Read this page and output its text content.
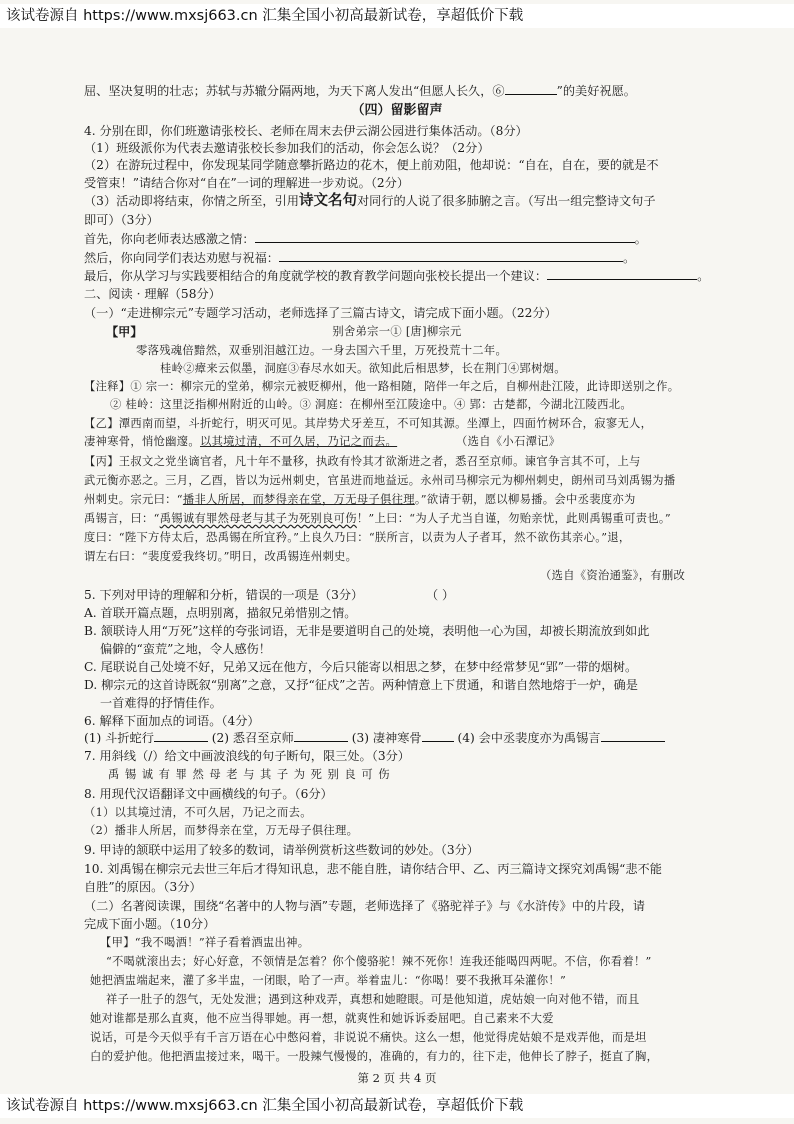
该试卷源自 https://www.mxsj663.cn 汇集全国小初高最新试卷，享超低价下载
屈、坚决复明的壮志；苏轼与苏辙分隔两地，为天下离人发出“但愿人长久，⑥	”的美好祝愿。
（四）留影留声
4. 分别在即，你们班邀请张校长、老师在周末去伊云湖公园进行集体活动。（8分）
（1）班级派你为代表去邀请张校长参加我们的活动，你会怎么说？（2分）
（2）在游玩过程中，你发现某同学随意攀折路边的花木，便上前劝阻，他却说：“自在，自在，要的就是不
受管束！”请结合你对“自在”一词的理解进一步劝说。（2分）
（3）活动即将结束，你情之所至，引用诗文名句对同行的人说了很多肺腑之言。（写出一组完整诗文句子
即可）（3分）
首先，你向老师表达感激之情：	。
然后，你向同学们表达劝慰与祝福：	。
最后，你从学习与实践要相结合的角度就学校的教育教学问题向张校长提出一个建议：	。
二、阅读 · 理解（58分）
（一）“走进柳宗元”专题学习活动，老师选择了三篇古诗文，请完成下面小题。（22分）
【甲】	别舍弟宗一① [唐]柳宗元
零落残魂倍黯然，双垂别泪越江边。一身去国六千里，万死投荒十二年。
桂岭②瘴来云似墨，洞庭③春尽水如天。欲知此后相思梦，长在荆门④郢树烟。
【注释】① 宗一：柳宗元的堂弟，柳宗元被贬柳州，他一路相随，陪伴一年之后，自柳州赴江陵，此诗即送别之作。
② 桂岭：这里泛指柳州附近的山岭。③ 洞庭：在柳州至江陵途中。④ 郢：古楚都，今湖北江陵西北。
【乙】潭西南而望，斗折蛇行，明灭可见。其岸势犬牙差互，不可知其源。坐潭上，四面竹树环合，寂寥无人，
凄神寒骨，悄怆幽邃。以其境过清，不可久居，乃记之而去。	（选自《小石潭记》
【丙】王叔文之党坐谪官者，凡十年不量移，执政有怜其才欲渐进之者，悉召至京师。谏官争言其不可，上与
武元衡亦恶之。三月，乙酉，皆以为远州刺史，官虽进而地益远。永州司马柳宗元为柳州刺史，朗州司马刘禹锡为播
州刺史。宗元曰：“播非人所居，而梦得亲在堂，万无母子俱往理。”欲请于朝，愿以柳易播。会中丞裴度亦为
禹锡言，曰：“禹锡诚有罪然母老与其子为死别良可伤！”上曰：“为人子尤当自谨，勿贻亲忧，此则禹锡重可责也。”
度曰：“陛下方侍太后，恐禹锡在所宜矜。”上良久乃曰：“朕所言，以责为人子者耳，然不欲伤其亲心。”退，
谓左右曰：“裴度爱我终切。”明日，改禹锡连州刺史。
（选自《资治通鉴》，有删改
5. 下列对甲诗的理解和分析，错误的一项是（3分）	（ ）
A. 首联开篇点题，点明别离，描叙兄弟惜别之情。
B. 颔联诗人用“万死”这样的夸张词语，无非是要道明自己的处境，表明他一心为国，却被长期流放到如此
偏僻的“蛮荒”之地，令人感伤！
C. 尾联说自己处境不好，兄弟又远在他方，今后只能寄以相思之梦，在梦中经常梦见“郢”一带的烟树。
D. 柳宗元的这首诗既叙“别离”之意，又抒“征戍”之苦。两种情意上下贯通，和谐自然地熔于一炉，确是
一首难得的抒情佳作。
6. 解释下面加点的词语。（4分）
(1) 斗折蛇行	(2) 悉召至京师	(3) 凄神寒骨	(4) 会中丞裴度亦为禹锡言
7. 用斜线（/）给文中画波浪线的句子断句，限三处。（3分）
禹 锡 诚 有 罪 然 母 老 与 其 子 为 死 别 良 可 伤
8. 用现代汉语翻译文中画横线的句子。（6分）
（1）以其境过清，不可久居，乃记之而去。
（2）播非人所居，而梦得亲在堂，万无母子俱往理。
9. 甲诗的颔联中运用了较多的数词，请举例赏析这些数词的妙处。（3分）
10. 刘禹锡在柳宗元去世三年后才得知讯息，悲不能自胜，请你结合甲、乙、丙三篇诗文探究刘禹锡“悲不能
自胜”的原因。（3分）
（二）名著阅读课，围绕“名著中的人物与酒”专题，老师选择了《骆驼祥子》与《水浒传》中的片段，请
完成下面小题。（10分）
【甲】“我不喝酒！”祥子看着酒盅出神。
“不喝就滚出去；好心好意，不领情是怎着？你个傻骆驼！辣不死你！连我还能喝四两呢。不信，你看着！”
她把酒盅端起来，灌了多半盅，一闭眼，哈了一声。举着盅儿：“你喝！要不我揪耳朵灌你！”
祥子一肚子的怨气，无处发泄；遇到这种戏弄，真想和她瞪眼。可是他知道，虎姑娘一向对他不错，而且
她对谁都是那么直爽，他不应当得罪她。再一想，就爽性和她诉诉委屈吧。自己素来不大爱
说话，可是今天似乎有千言万语在心中憋闷着，非说说不痛快。这么一想，他觉得虎姑娘不是戏弄他，而是坦
白的爱护他。他把酒盅接过来，喝干。一股辣气慢慢的，准确的，有力的，往下走，他伸长了脖子，挺直了胸，
第 2 页 共 4 页
该试卷源自 https://www.mxsj663.cn 汇集全国小初高最新试卷，享超低价下载
